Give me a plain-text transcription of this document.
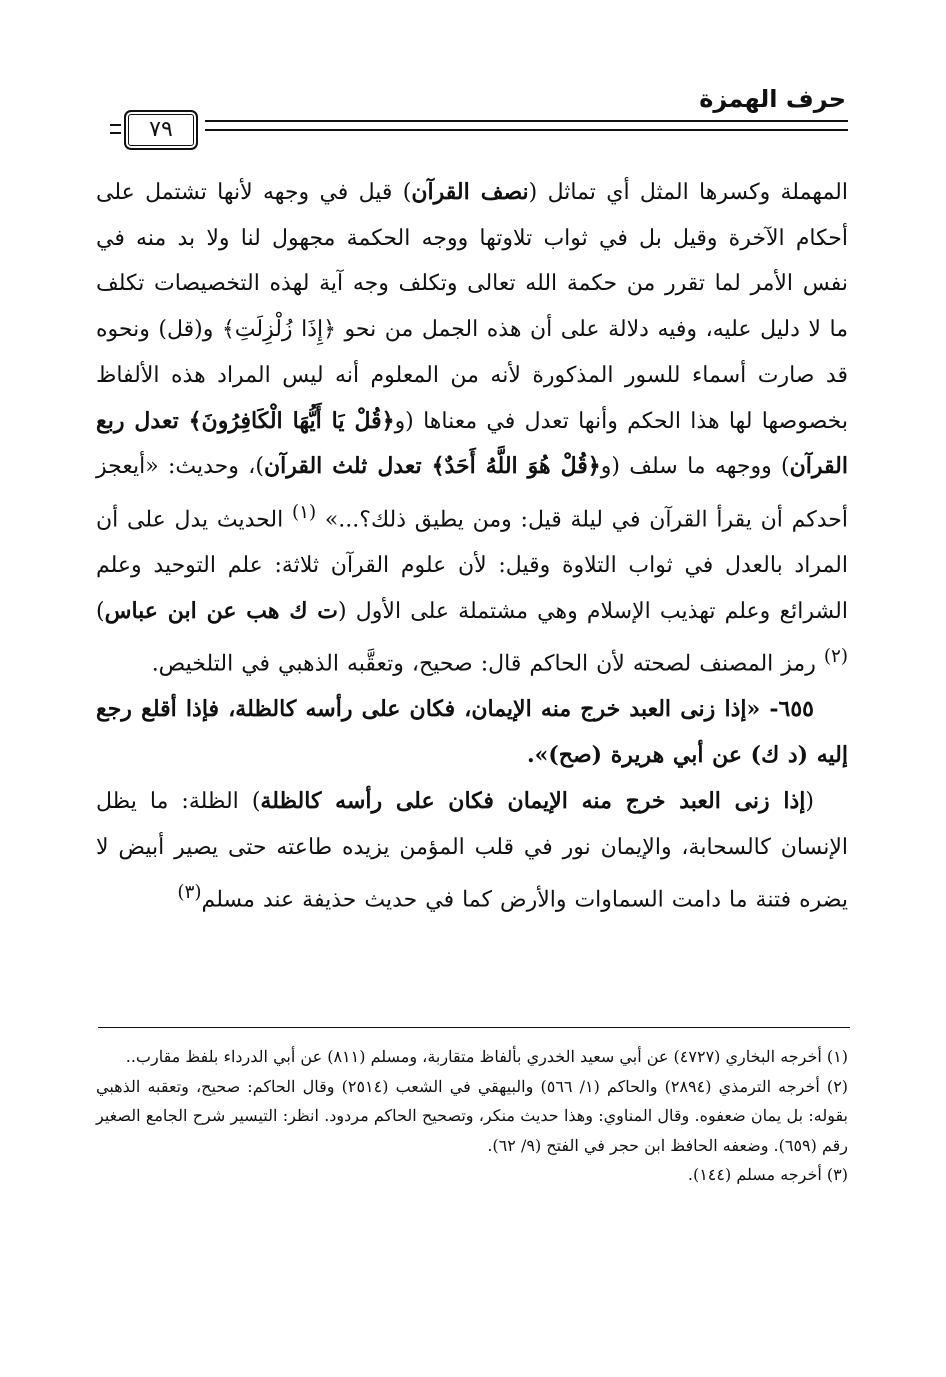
حرف الهمزة
٧٩

المهملة وكسرها المثل أي تماثل (نصف القرآن) قيل في وجهه لأنها تشتمل على أحكام الآخرة وقيل بل في ثواب تلاوتها ووجه الحكمة مجهول لنا ولا بد منه في نفس الأمر لما تقرر من حكمة الله تعالى وتكلف وجه آية لهذه التخصيصات تكلف ما لا دليل عليه، وفيه دلالة على أن هذه الجمل من نحو ﴿إِذَا زُلْزِلَتِ﴾ و(قل) ونحوه قد صارت أسماء للسور المذكورة لأنه من المعلوم أنه ليس المراد هذه الألفاظ بخصوصها لها هذا الحكم وأنها تعدل في معناها (و﴿قُلْ يَا أَيُّهَا الْكَافِرُونَ﴾ تعدل ربع القرآن) ووجهه ما سلف (و﴿قُلْ هُوَ اللَّهُ أَحَدٌ﴾ تعدل ثلث القرآن)، وحديث: «أيعجز أحدكم أن يقرأ القرآن في ليلة قيل: ومن يطيق ذلك؟...» $^{(١)}$ الحديث يدل على أن المراد بالعدل في ثواب التلاوة وقيل: لأن علوم القرآن ثلاثة: علم التوحيد وعلم الشرائع وعلم تهذيب الإسلام وهي مشتملة على الأول (ت ك هب عن ابن عباس)$^{(٢)}$ رمز المصنف لصحته لأن الحاكم قال: صحيح، وتعقَّبه الذهبي في التلخيص.

٦٥٥- «إذا زنى العبد خرج منه الإيمان، فكان على رأسه كالظلة، فإذا أقلع رجع إليه (د ك) عن أبي هريرة (صح)».

(إذا زنى العبد خرج منه الإيمان فكان على رأسه كالظلة) الظلة: ما يظل الإنسان كالسحابة، والإيمان نور في قلب المؤمن يزيده طاعته حتى يصير أبيض لا يضره فتنة ما دامت السماوات والأرض كما في حديث حذيفة عند مسلم$^{(٣)}$

(١) أخرجه البخاري (٤٧٢٧) عن أبي سعيد الخدري بألفاظ متقاربة، ومسلم (٨١١) عن أبي الدرداء بلفظ مقارب..

(٢) أخرجه الترمذي (٢٨٩٤) والحاكم (١/ ٥٦٦) والبيهقي في الشعب (٢٥١٤) وقال الحاكم: صحيح، وتعقبه الذهبي بقوله: بل يمان ضعفوه. وقال المناوي: وهذا حديث منكر، وتصحيح الحاكم مردود. انظر: التيسير شرح الجامع الصغير رقم (٦٥٩). وضعفه الحافظ ابن حجر في الفتح (٩/ ٦٢).

(٣) أخرجه مسلم (١٤٤).
